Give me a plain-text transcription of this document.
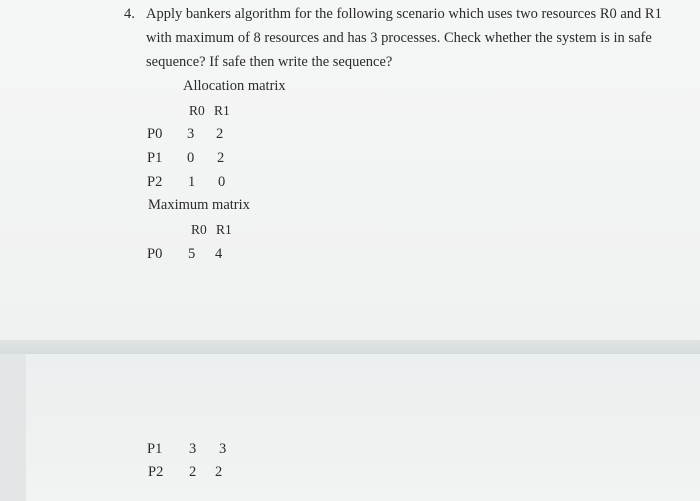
4. Apply bankers algorithm for the following scenario which uses two resources R0 and R1
with maximum of 8 resources and has 3 processes. Check whether the system is in safe
sequence? If safe then write the sequence?
Allocation matrix
R0 R1
P0 3 2
P1 0 2
P2 1 0
Maximum matrix
R0 R1
P0 5 4
P1 3 3
P2 2 2
